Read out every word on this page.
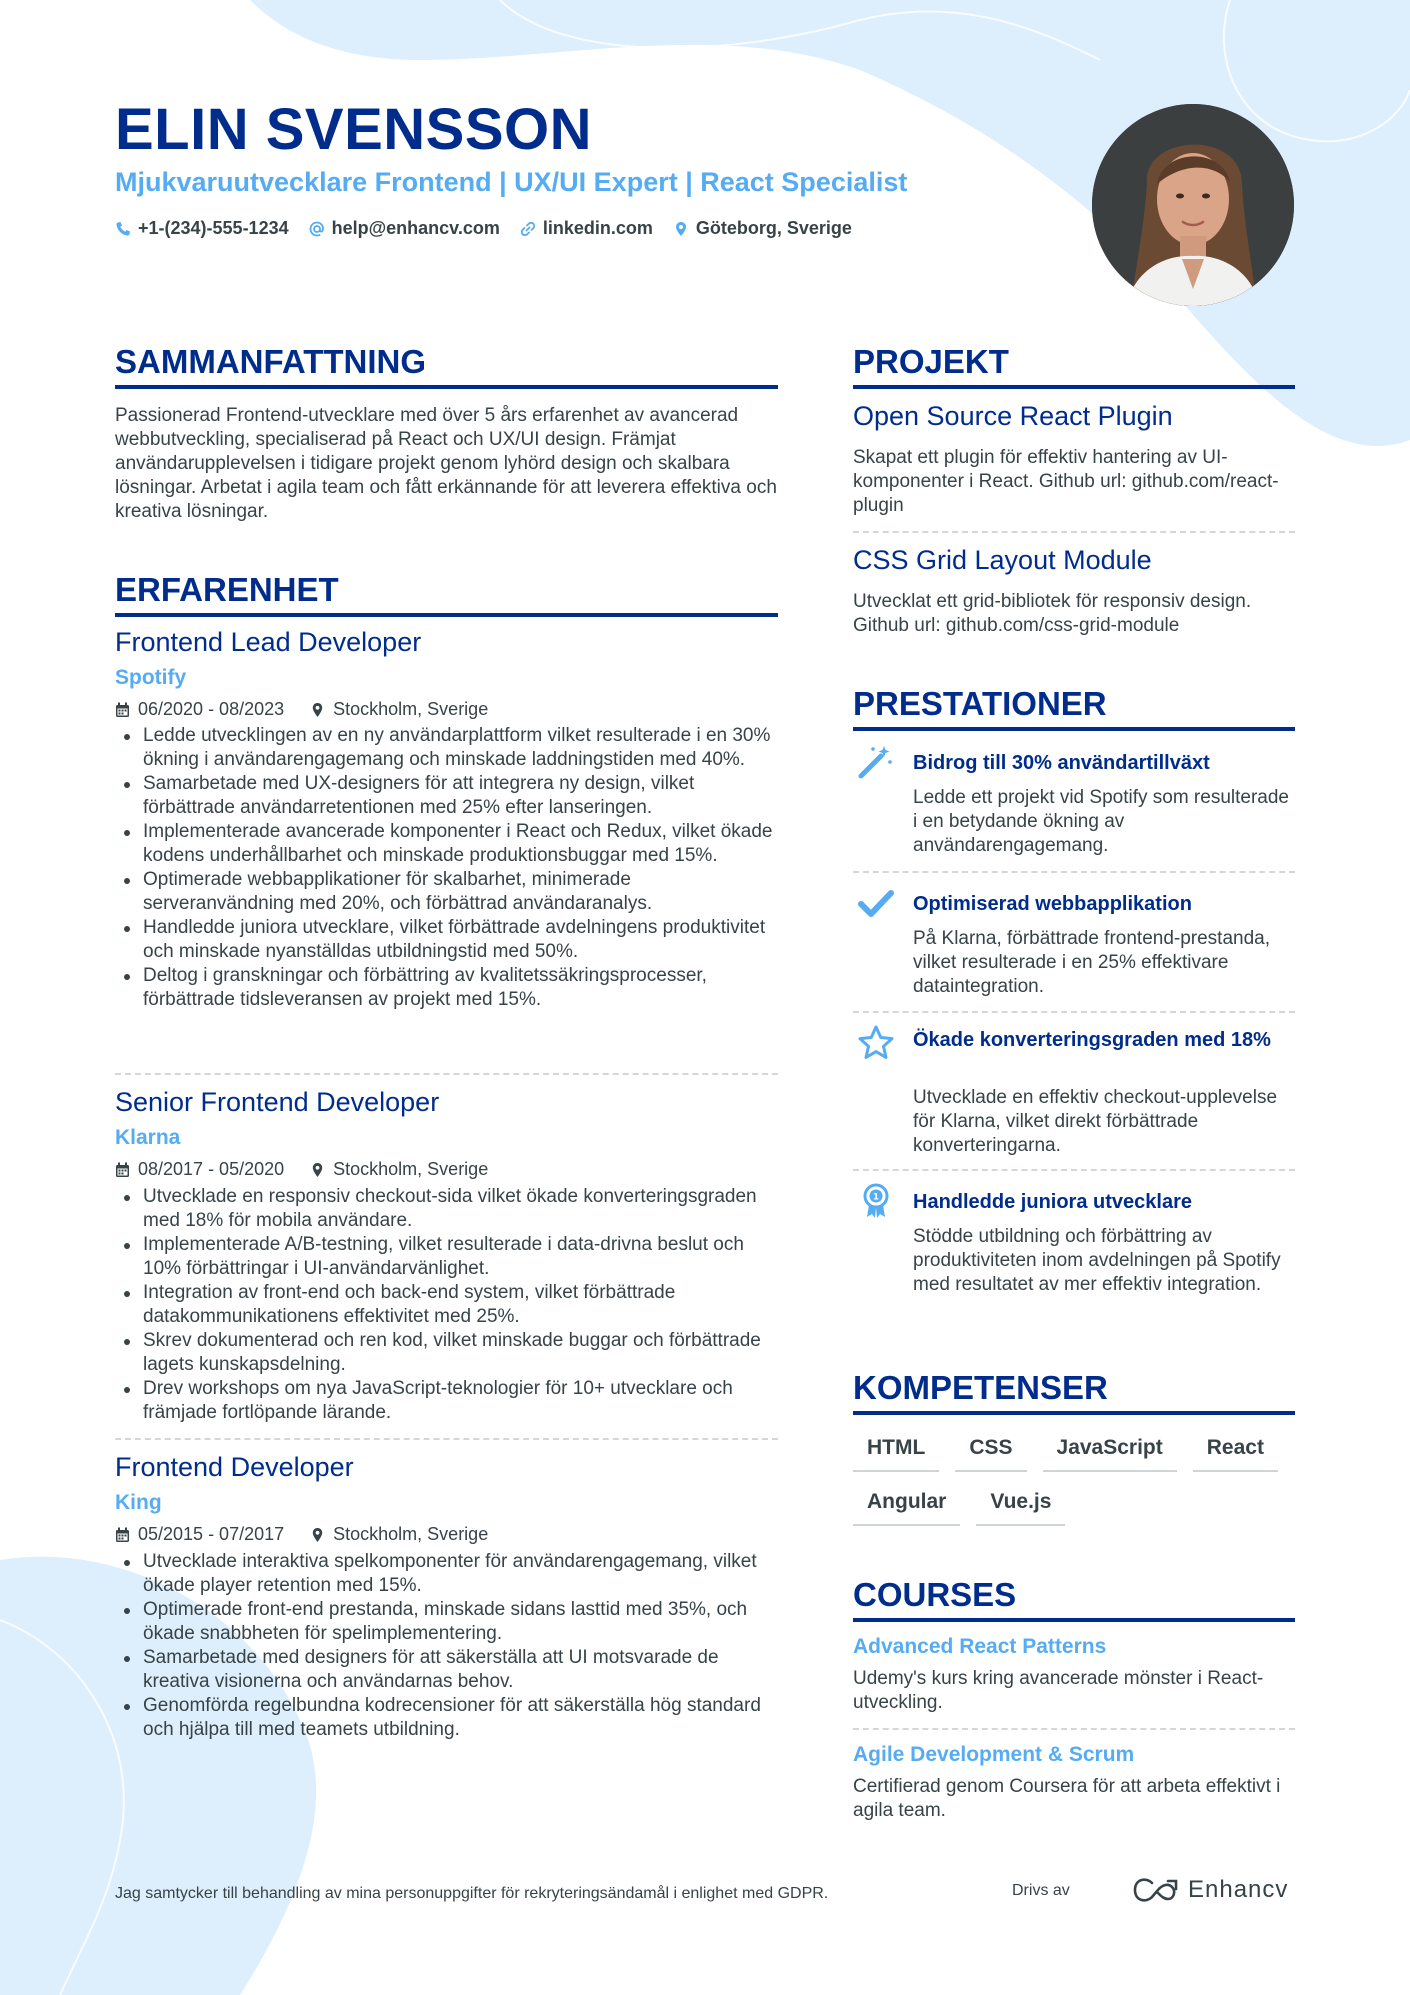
ELIN SVENSSON
Mjukvaruutvecklare Frontend | UX/UI Expert | React Specialist
+1-(234)-555-1234 help@enhancv.com linkedin.com Göteborg, Sverige
SAMMANFATTNING
Passionerad Frontend-utvecklare med över 5 års erfarenhet av avancerad webbutveckling, specialiserad på React och UX/UI design. Främjat användarupplevelsen i tidigare projekt genom lyhörd design och skalbara lösningar. Arbetat i agila team och fått erkännande för att leverera effektiva och kreativa lösningar.
ERFARENHET
Frontend Lead Developer
Spotify
06/2020 - 08/2023	Stockholm, Sverige
Ledde utvecklingen av en ny användarplattform vilket resulterade i en 30% ökning i användarengagemang och minskade laddningstiden med 40%.
Samarbetade med UX-designers för att integrera ny design, vilket förbättrade användarretentionen med 25% efter lanseringen.
Implementerade avancerade komponenter i React och Redux, vilket ökade kodens underhållbarhet och minskade produktionsbuggar med 15%.
Optimerade webbapplikationer för skalbarhet, minimerade serveranvändning med 20%, och förbättrad användaranalys.
Handledde juniora utvecklare, vilket förbättrade avdelningens produktivitet och minskade nyanställdas utbildningstid med 50%.
Deltog i granskningar och förbättring av kvalitetssäkringsprocesser, förbättrade tidsleveransen av projekt med 15%.
Senior Frontend Developer
Klarna
08/2017 - 05/2020	Stockholm, Sverige
Utvecklade en responsiv checkout-sida vilket ökade konverteringsgraden med 18% för mobila användare.
Implementerade A/B-testning, vilket resulterade i data-drivna beslut och 10% förbättringar i UI-användarvänlighet.
Integration av front-end och back-end system, vilket förbättrade datakommunikationens effektivitet med 25%.
Skrev dokumenterad och ren kod, vilket minskade buggar och förbättrade lagets kunskapsdelning.
Drev workshops om nya JavaScript-teknologier för 10+ utvecklare och främjade fortlöpande lärande.
Frontend Developer
King
05/2015 - 07/2017	Stockholm, Sverige
Utvecklade interaktiva spelkomponenter för användarengagemang, vilket ökade player retention med 15%.
Optimerade front-end prestanda, minskade sidans lasttid med 35%, och ökade snabbheten för spelimplementering.
Samarbetade med designers för att säkerställa att UI motsvarade de kreativa visionerna och användarnas behov.
Genomförda regelbundna kodrecensioner för att säkerställa hög standard och hjälpa till med teamets utbildning.
PROJEKT
Open Source React Plugin
Skapat ett plugin för effektiv hantering av UI-komponenter i React. Github url: github.com/react-plugin
CSS Grid Layout Module
Utvecklat ett grid-bibliotek för responsiv design. Github url: github.com/css-grid-module
PRESTATIONER
Bidrog till 30% användartillväxt
Ledde ett projekt vid Spotify som resulterade i en betydande ökning av användarengagemang.
Optimiserad webbapplikation
På Klarna, förbättrade frontend-prestanda, vilket resulterade i en 25% effektivare dataintegration.
Ökade konverteringsgraden med 18%
Utvecklade en effektiv checkout-upplevelse för Klarna, vilket direkt förbättrade konverteringarna.
1 Handledde juniora utvecklare
Stödde utbildning och förbättring av produktiviteten inom avdelningen på Spotify med resultatet av mer effektiv integration.
KOMPETENSER
HTML	CSS	JavaScript	React
Angular	Vue.js
COURSES
Advanced React Patterns
Udemy's kurs kring avancerade mönster i React-utveckling.
Agile Development & Scrum
Certifierad genom Coursera för att arbeta effektivt i agila team.
Jag samtycker till behandling av mina personuppgifter för rekryteringsändamål i enlighet med GDPR.	Drivs av	Enhancv
